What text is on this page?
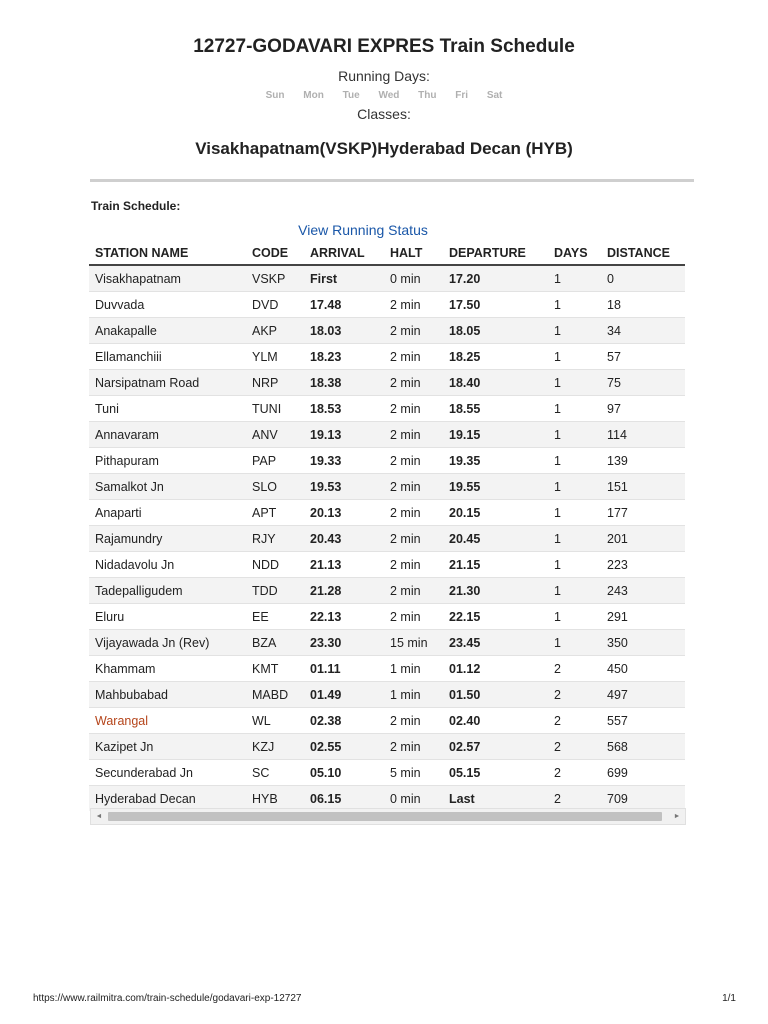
12727-GODAVARI EXPRES Train Schedule
Running Days:
Sun Mon Tue Wed Thu Fri Sat
Classes:
Visakhapatnam(VSKP)Hyderabad Decan (HYB)
Train Schedule:
View Running Status
STATION NAME	CODE	ARRIVAL	HALT	DEPARTURE	DAYS	DISTANCE
Visakhapatnam	VSKP	First	0 min	17.20	1	0
Duvvada	DVD	17.48	2 min	17.50	1	18
Anakapalle	AKP	18.03	2 min	18.05	1	34
Ellamanchiii	YLM	18.23	2 min	18.25	1	57
Narsipatnam Road	NRP	18.38	2 min	18.40	1	75
Tuni	TUNI	18.53	2 min	18.55	1	97
Annavaram	ANV	19.13	2 min	19.15	1	114
Pithapuram	PAP	19.33	2 min	19.35	1	139
Samalkot Jn	SLO	19.53	2 min	19.55	1	151
Anaparti	APT	20.13	2 min	20.15	1	177
Rajamundry	RJY	20.43	2 min	20.45	1	201
Nidadavolu Jn	NDD	21.13	2 min	21.15	1	223
Tadepalligudem	TDD	21.28	2 min	21.30	1	243
Eluru	EE	22.13	2 min	22.15	1	291
Vijayawada Jn (Rev)	BZA	23.30	15 min	23.45	1	350
Khammam	KMT	01.11	1 min	01.12	2	450
Mahbubabad	MABD	01.49	1 min	01.50	2	497
Warangal	WL	02.38	2 min	02.40	2	557
Kazipet Jn	KZJ	02.55	2 min	02.57	2	568
Secunderabad Jn	SC	05.10	5 min	05.15	2	699
Hyderabad Decan	HYB	06.15	0 min	Last	2	709
◄	►
https://www.railmitra.com/train-schedule/godavari-exp-12727	1/1
